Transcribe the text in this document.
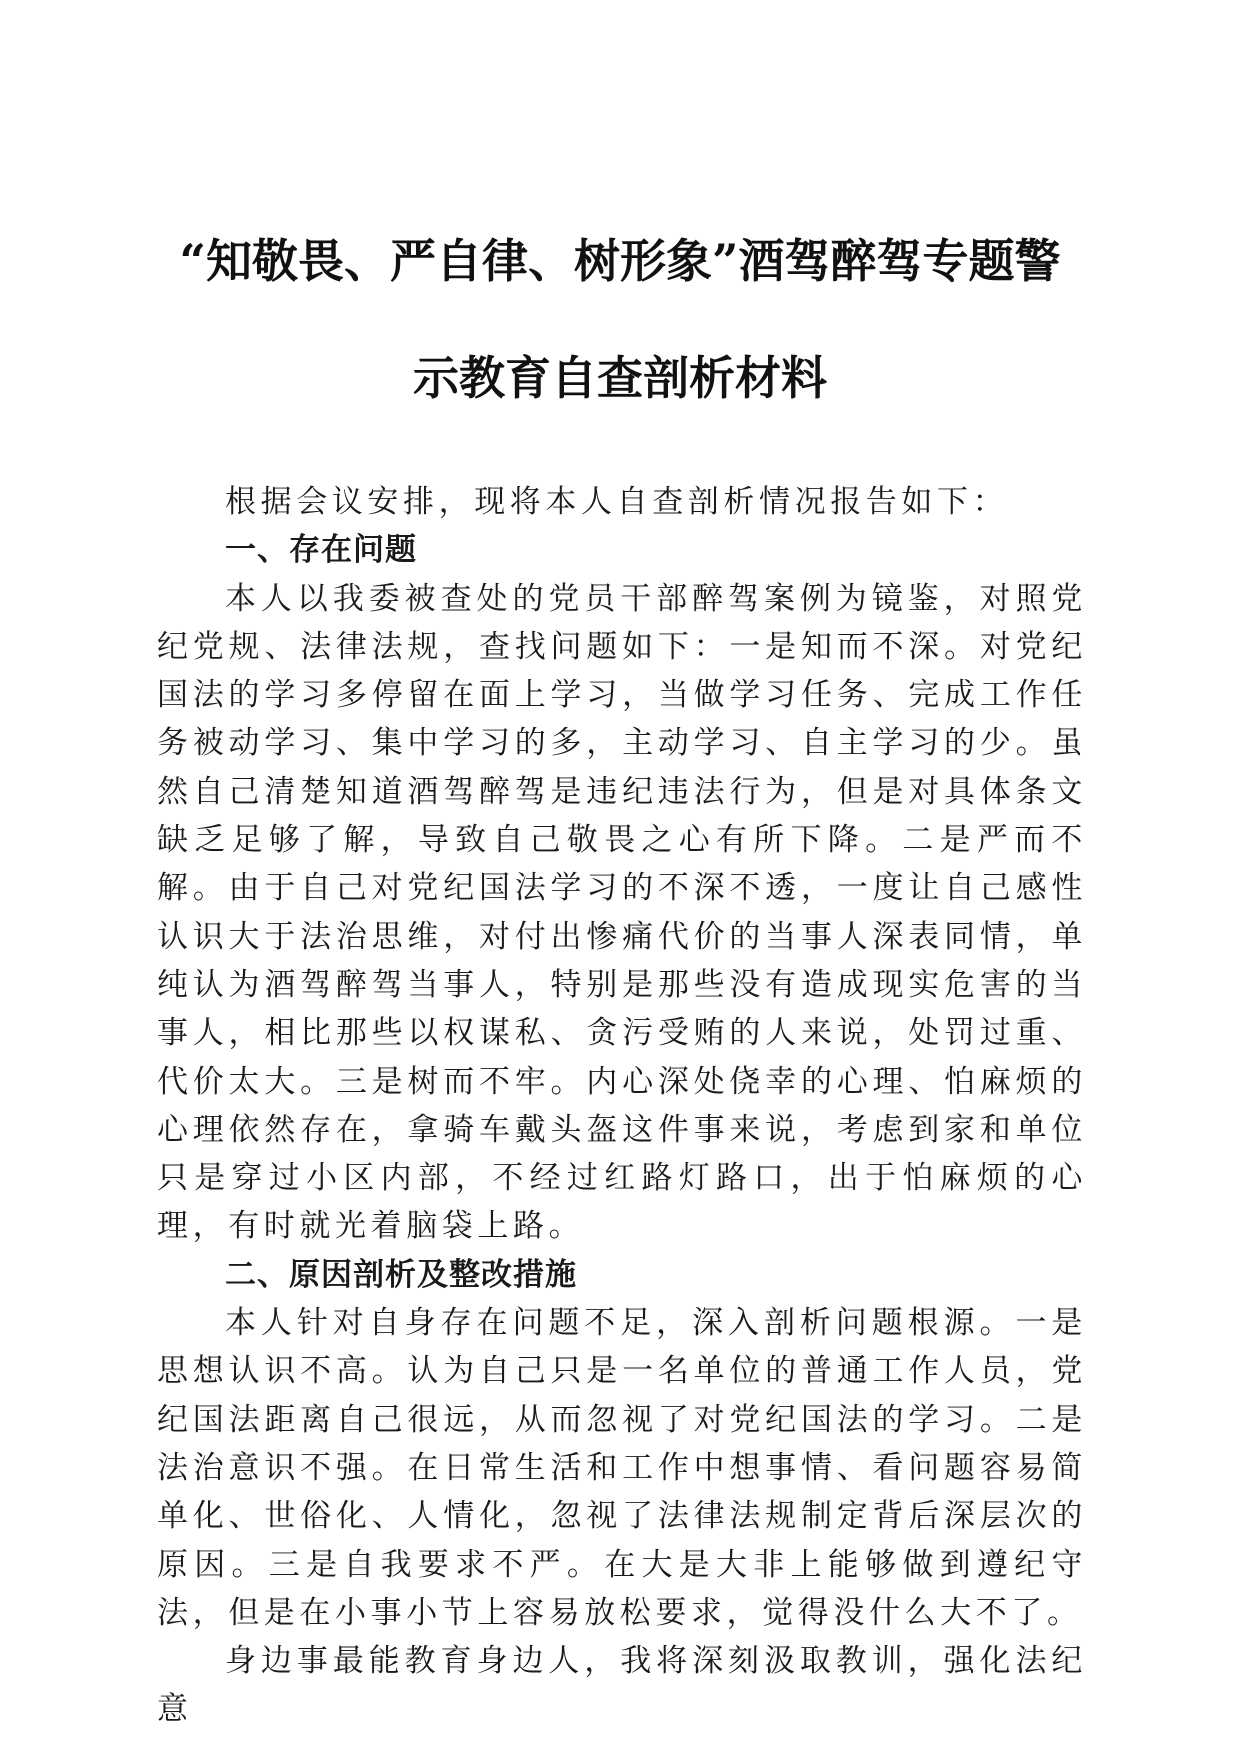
“知敬畏、严自律、树形象”酒驾醉驾专题警
示教育自查剖析材料

根据会议安排，现将本人自查剖析情况报告如下：

一、存在问题

本人以我委被查处的党员干部醉驾案例为镜鉴，对照党纪党规、法律法规，查找问题如下：一是知而不深。对党纪国法的学习多停留在面上学习，当做学习任务、完成工作任务被动学习、集中学习的多，主动学习、自主学习的少。虽然自己清楚知道酒驾醉驾是违纪违法行为，但是对具体条文缺乏足够了解，导致自己敬畏之心有所下降。二是严而不解。由于自己对党纪国法学习的不深不透，一度让自己感性认识大于法治思维，对付出惨痛代价的当事人深表同情，单纯认为酒驾醉驾当事人，特别是那些没有造成现实危害的当事人，相比那些以权谋私、贪污受贿的人来说，处罚过重、代价太大。三是树而不牢。内心深处侥幸的心理、怕麻烦的心理依然存在，拿骑车戴头盔这件事来说，考虑到家和单位只是穿过小区内部，不经过红路灯路口，出于怕麻烦的心理，有时就光着脑袋上路。

二、原因剖析及整改措施

本人针对自身存在问题不足，深入剖析问题根源。一是思想认识不高。认为自己只是一名单位的普通工作人员，党纪国法距离自己很远，从而忽视了对党纪国法的学习。二是法治意识不强。在日常生活和工作中想事情、看问题容易简单化、世俗化、人情化，忽视了法律法规制定背后深层次的原因。三是自我要求不严。在大是大非上能够做到遵纪守法，但是在小事小节上容易放松要求，觉得没什么大不了。

身边事最能教育身边人，我将深刻汲取教训，强化法纪意
